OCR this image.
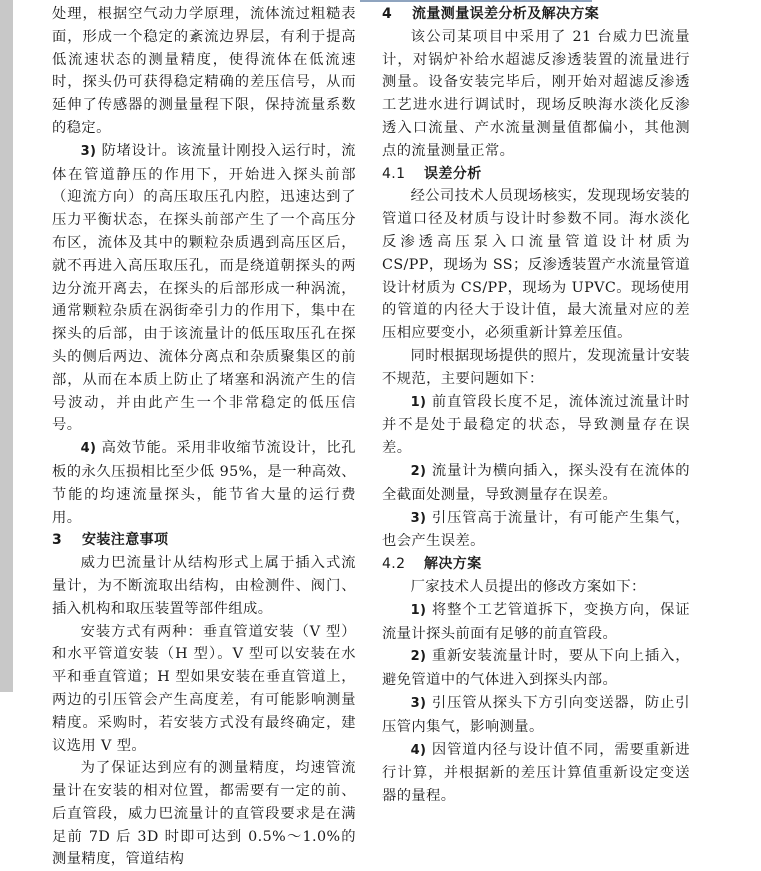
处理，根据空气动力学原理，流体流过粗糙表面，形成一个稳定的紊流边界层，有利于提高低流速状态的测量精度，使得流体在低流速时，探头仍可获得稳定精确的差压信号，从而延伸了传感器的测量量程下限，保持流量系数的稳定。

3) 防堵设计。该流量计刚投入运行时，流体在管道静压的作用下，开始进入探头前部（迎流方向）的高压取压孔内腔，迅速达到了压力平衡状态，在探头前部产生了一个高压分布区，流体及其中的颗粒杂质遇到高压区后，就不再进入高压取压孔，而是绕道朝探头的两边分流开离去，在探头的后部形成一种涡流，通常颗粒杂质在涡街牵引力的作用下，集中在探头的后部，由于该流量计的低压取压孔在探头的侧后两边、流体分离点和杂质聚集区的前部，从而在本质上防止了堵塞和涡流产生的信号波动，并由此产生一个非常稳定的低压信号。

4) 高效节能。采用非收缩节流设计，比孔板的永久压损相比至少低 95%，是一种高效、节能的均速流量探头，能节省大量的运行费用。

3 安装注意事项

威力巴流量计从结构形式上属于插入式流量计，为不断流取出结构，由检测件、阀门、插入机构和取压装置等部件组成。

安装方式有两种：垂直管道安装（V 型）和水平管道安装（H 型）。V 型可以安装在水平和垂直管道；H 型如果安装在垂直管道上，两边的引压管会产生高度差，有可能影响测量精度。采购时，若安装方式没有最终确定，建议选用 V 型。

为了保证达到应有的测量精度，均速管流量计在安装的相对位置，都需要有一定的前、后直管段，威力巴流量计的直管段要求是在满足前 7D 后 3D 时即可达到 0.5%～1.0%的测量精度，管道结构

4 流量测量误差分析及解决方案

该公司某项目中采用了 21 台威力巴流量计，对锅炉补给水超滤反渗透装置的流量进行测量。设备安装完毕后，刚开始对超滤反渗透工艺进水进行调试时，现场反映海水淡化反渗透入口流量、产水流量测量值都偏小，其他测点的流量测量正常。

4.1 误差分析

经公司技术人员现场核实，发现现场安装的管道口径及材质与设计时参数不同。海水淡化反渗透高压泵入口流量管道设计材质为 CS/PP，现场为 SS；反渗透装置产水流量管道设计材质为 CS/PP，现场为 UPVC。现场使用的管道的内径大于设计值，最大流量对应的差压相应要变小，必须重新计算差压值。

同时根据现场提供的照片，发现流量计安装不规范，主要问题如下：

1) 前直管段长度不足，流体流过流量计时并不是处于最稳定的状态，导致测量存在误差。

2) 流量计为横向插入，探头没有在流体的全截面处测量，导致测量存在误差。

3) 引压管高于流量计，有可能产生集气，也会产生误差。

4.2 解决方案

厂家技术人员提出的修改方案如下：

1) 将整个工艺管道拆下，变换方向，保证流量计探头前面有足够的前直管段。

2) 重新安装流量计时，要从下向上插入，避免管道中的气体进入到探头内部。

3) 引压管从探头下方引向变送器，防止引压管内集气，影响测量。

4) 因管道内径与设计值不同，需要重新进行计算，并根据新的差压计算值重新设定变送器的量程。
